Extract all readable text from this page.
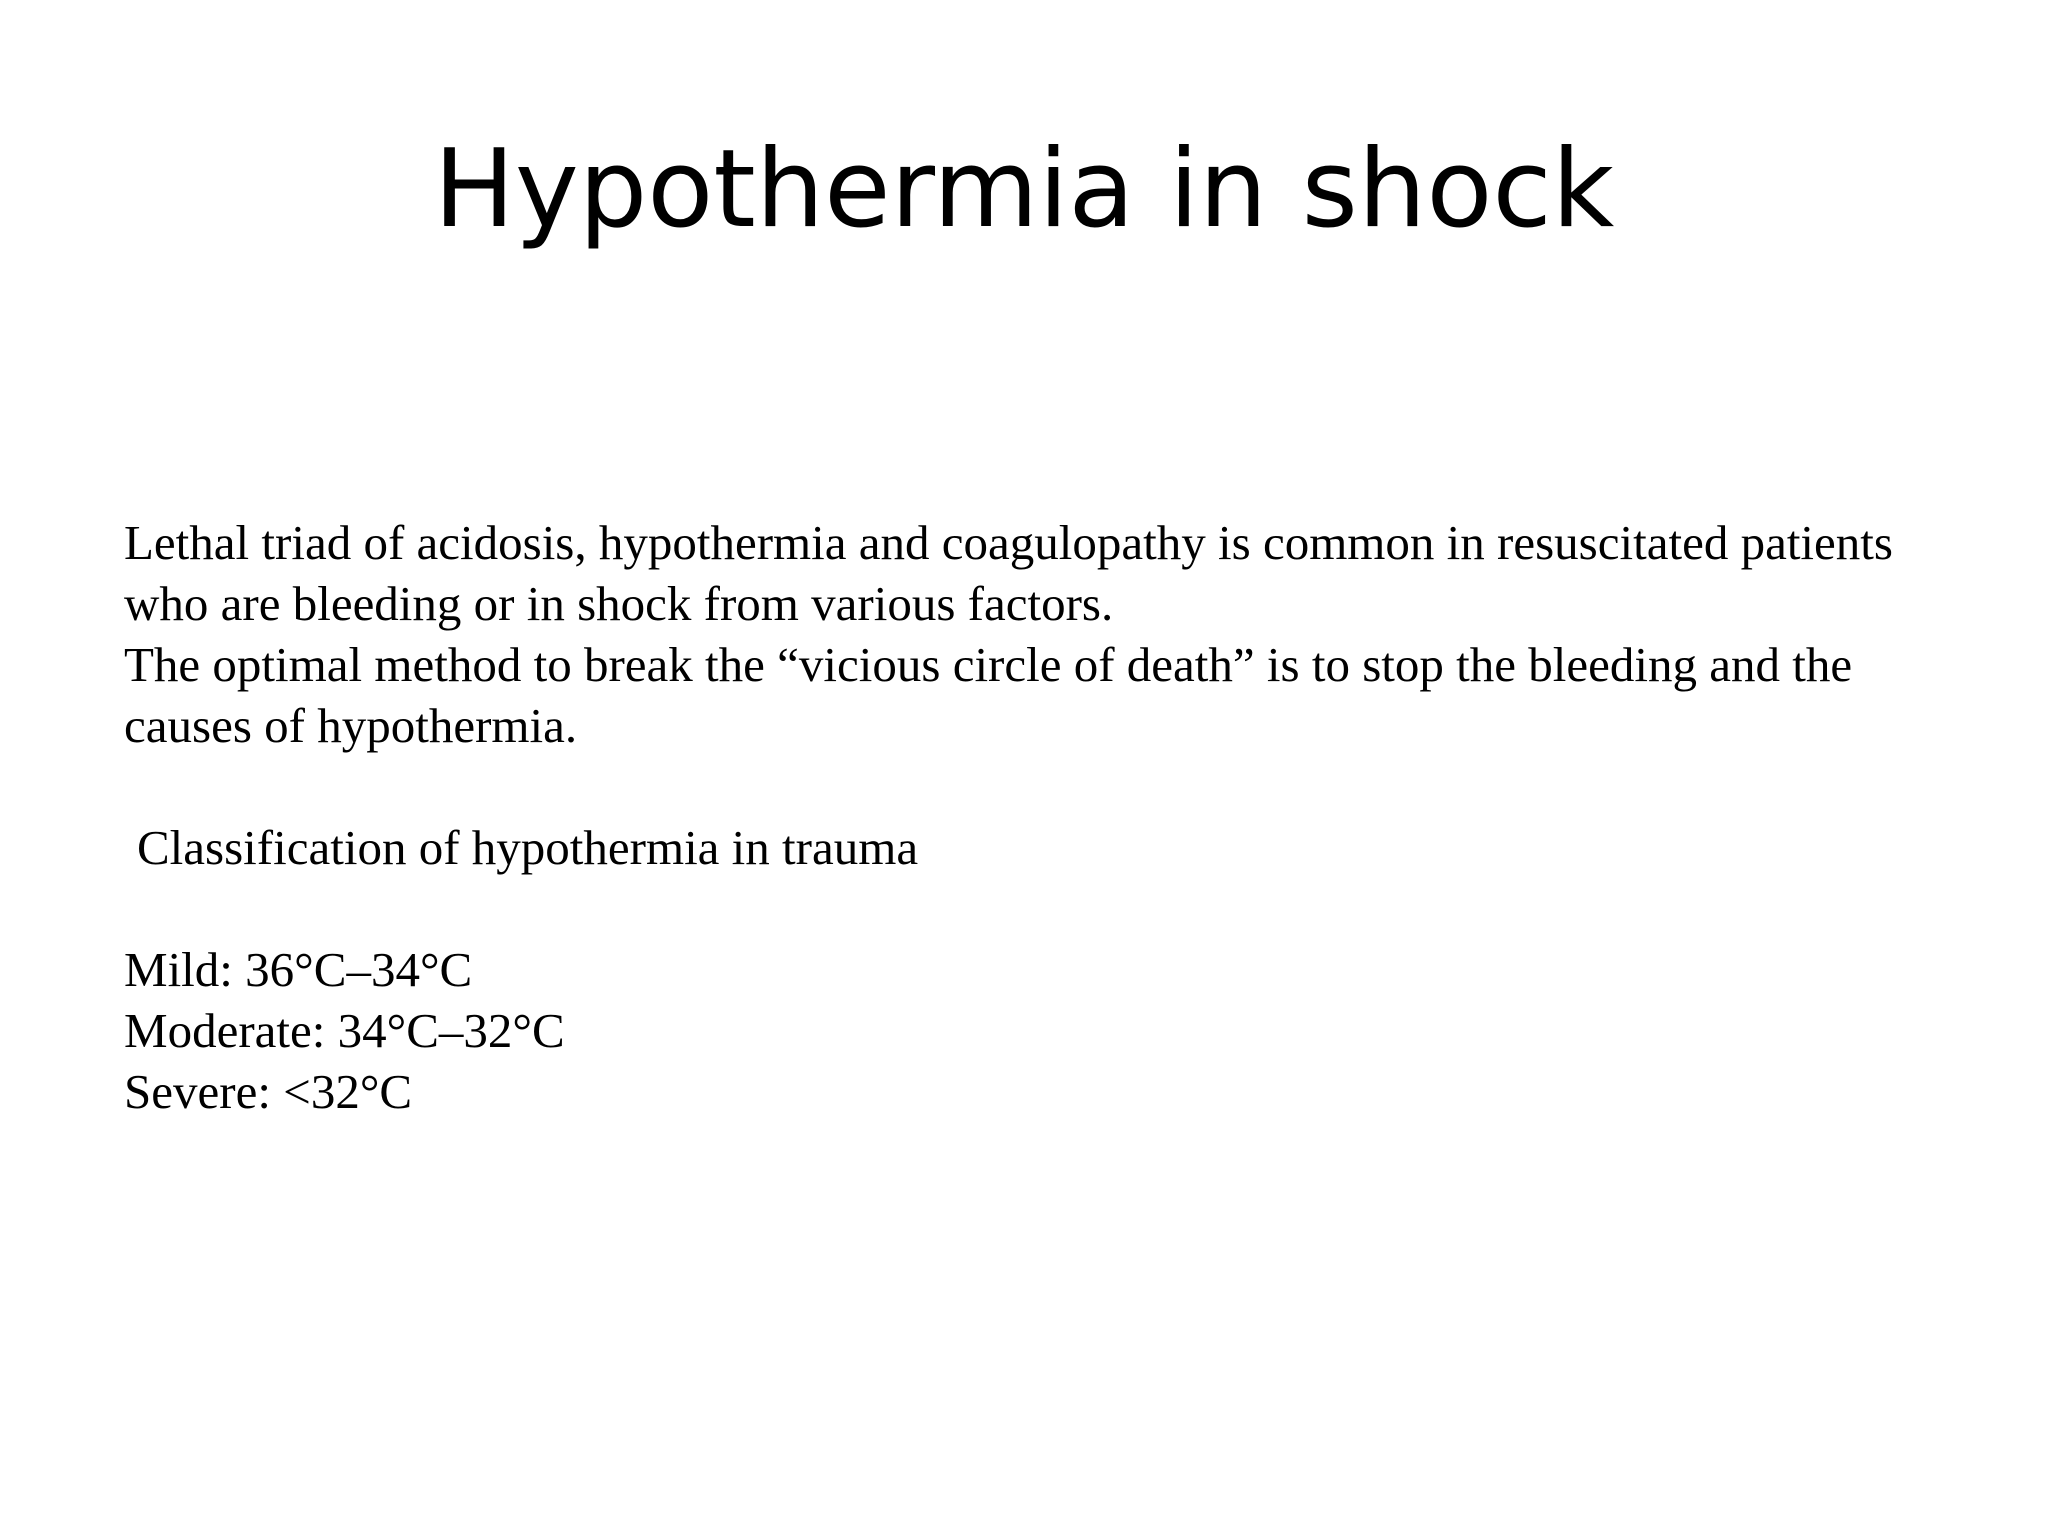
Hypothermia in shock
Lethal triad of acidosis, hypothermia and coagulopathy is common in resuscitated patients
who are bleeding or in shock from various factors.
The optimal method to break the “vicious circle of death” is to stop the bleeding and the
causes of hypothermia.
Classification of hypothermia in trauma
Mild: 36°C–34°C
Moderate: 34°C–32°C
Severe: <32°C
